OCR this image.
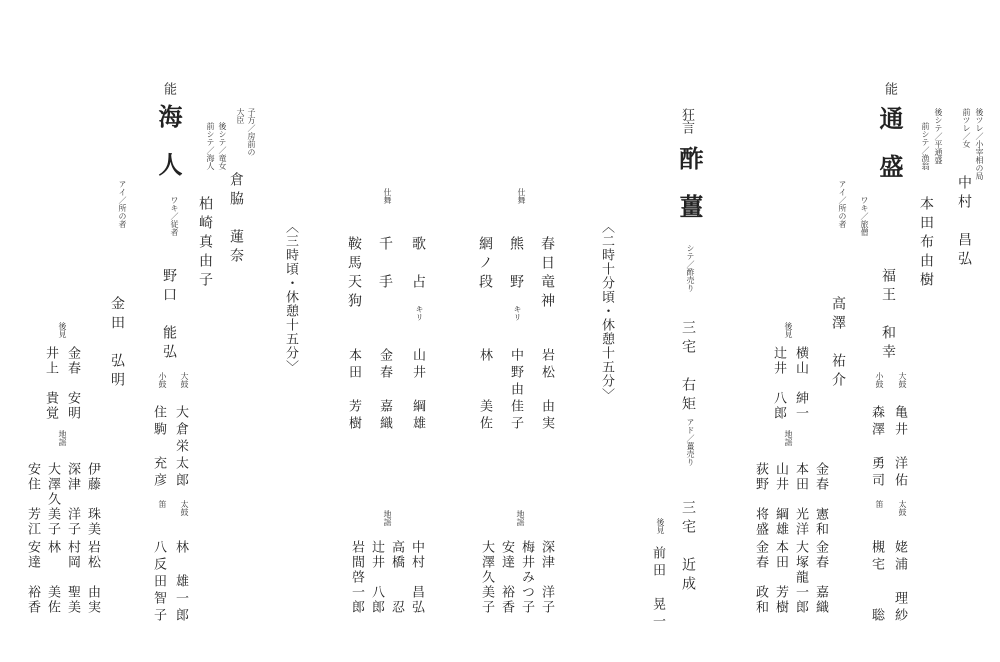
能
通盛	後ツレ／小宰相の局
前ツレ／女
中村　昌弘
後シテ／平通盛
前シテ／漁翁
本田布由樹
ワキ／旅僧
福王　和幸
アイ／所の者
高澤　祐介	大鼓
亀井　洋佑
小鼓
森澤　勇司
太鼓
姥浦　理紗
笛
槻宅　　聡
後見
横山　紳一
辻井　八郎
地謡
金春　憲和
本田　光洋
山井　綱雄
荻野　将盛
金春　嘉織
大塚龍一郎
本田　芳樹
金春　政和
狂言
酢薑
シテ／酢売り
三宅　右矩
アド／薑売り
三宅　近成
後見
前田　晃一
〈二時十分頃・休憩十五分〉
仕舞
春日竜神
岩松　由実
熊　野
キリ
中野由佳子
網ノ段
林　　美佐
仕舞
歌　占
キリ
山井　綱雄
千　手
金春　嘉織
鞍馬天狗
本田　芳樹
地謡
深津　洋子
梅井みつ子
安達　裕香
大澤久美子
地謡
中村　昌弘
高橋　　忍
辻井　八郎
岩間啓一郎
〈三時頃・休憩十五分〉
能
海人	子方／房前の
大臣
倉脇　蓮奈
後シテ／竜女
前シテ／海人
柏崎真由子
ワキ／従者
野口　能弘
アイ／所の者
金田　弘明	大鼓
大倉栄太郎
小鼓
住駒　充彦
太鼓
林　雄一郎
笛
八反田智子
後見
金春　安明
井上　貴覚
地謡
伊藤　珠美
深津　洋子
大澤久美子
安住　芳江
岩松　由実
村岡　聖美
林　　美佐
安達　裕香
